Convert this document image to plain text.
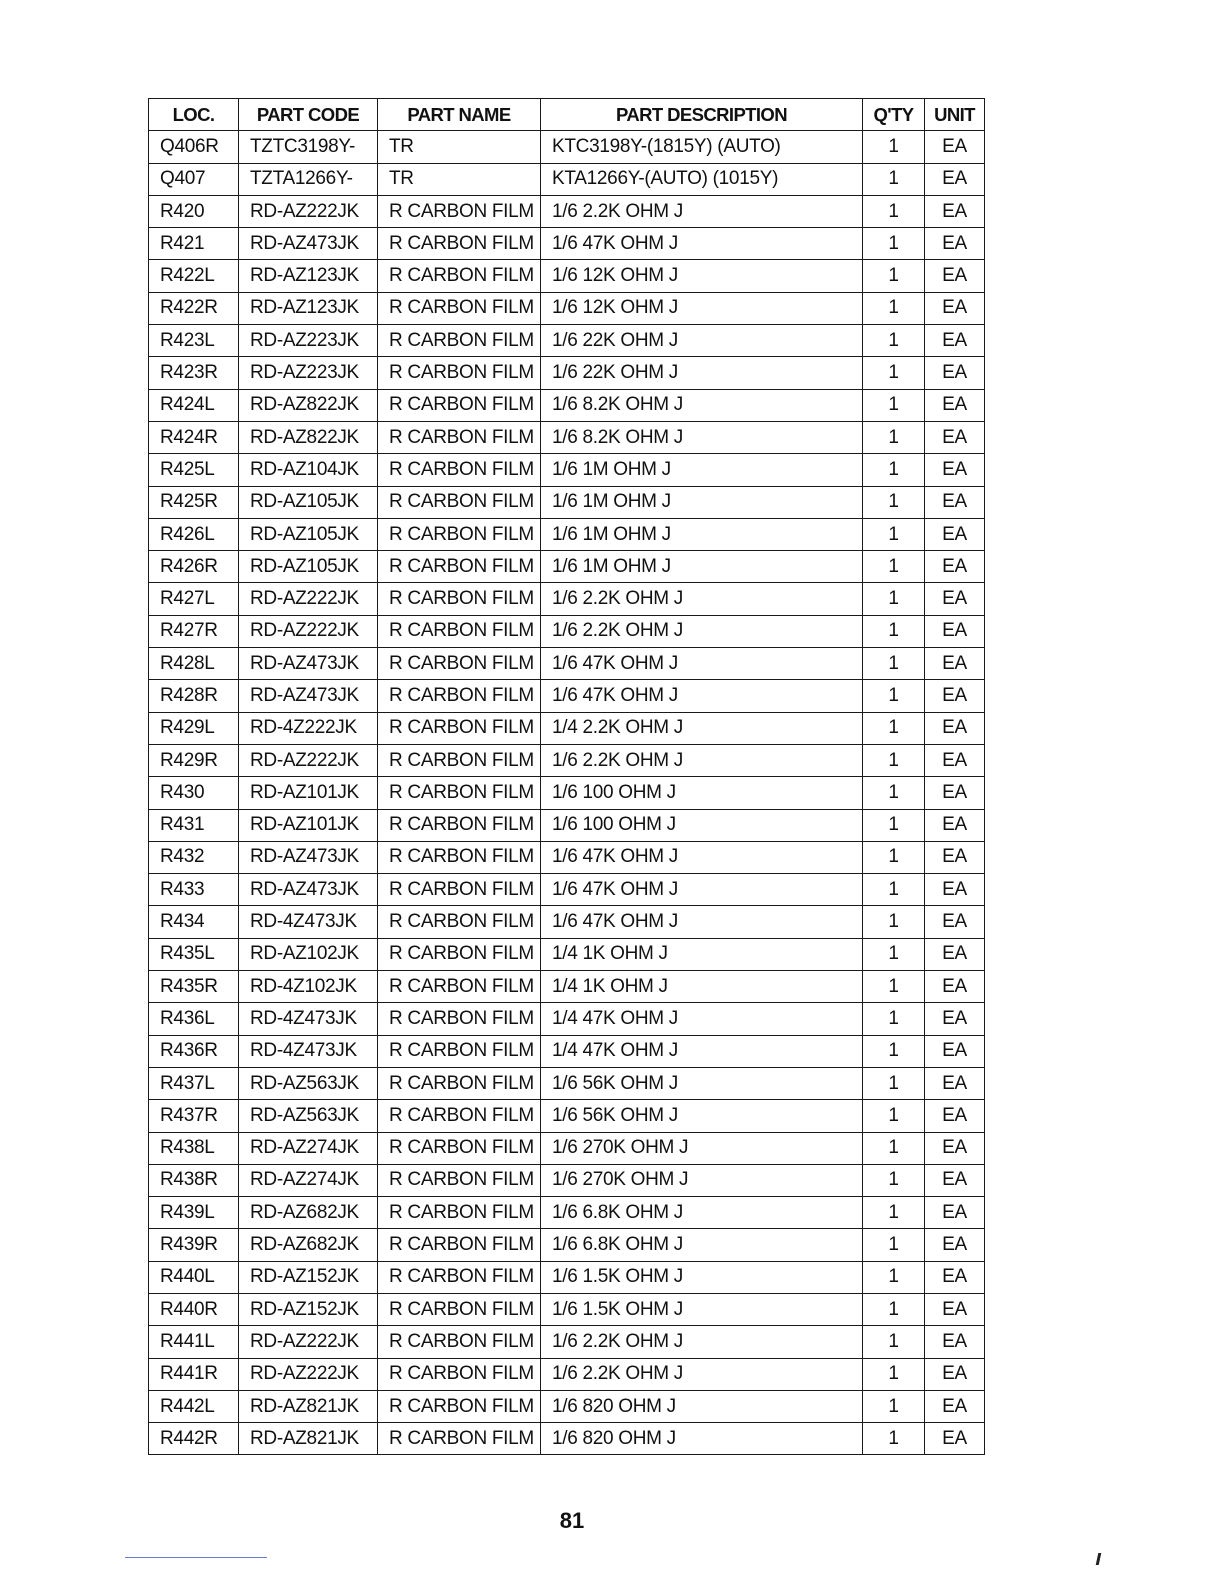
LOC.	PART CODE	PART NAME	PART DESCRIPTION	Q'TY	UNIT
Q406R	TZTC3198Y-	TR	KTC3198Y-(1815Y) (AUTO)	1	EA
Q407	TZTA1266Y-	TR	KTA1266Y-(AUTO) (1015Y)	1	EA
R420	RD-AZ222JK	R CARBON FILM	1/6 2.2K OHM J	1	EA
R421	RD-AZ473JK	R CARBON FILM	1/6 47K OHM J	1	EA
R422L	RD-AZ123JK	R CARBON FILM	1/6 12K OHM J	1	EA
R422R	RD-AZ123JK	R CARBON FILM	1/6 12K OHM J	1	EA
R423L	RD-AZ223JK	R CARBON FILM	1/6 22K OHM J	1	EA
R423R	RD-AZ223JK	R CARBON FILM	1/6 22K OHM J	1	EA
R424L	RD-AZ822JK	R CARBON FILM	1/6 8.2K OHM J	1	EA
R424R	RD-AZ822JK	R CARBON FILM	1/6 8.2K OHM J	1	EA
R425L	RD-AZ104JK	R CARBON FILM	1/6 1M OHM J	1	EA
R425R	RD-AZ105JK	R CARBON FILM	1/6 1M OHM J	1	EA
R426L	RD-AZ105JK	R CARBON FILM	1/6 1M OHM J	1	EA
R426R	RD-AZ105JK	R CARBON FILM	1/6 1M OHM J	1	EA
R427L	RD-AZ222JK	R CARBON FILM	1/6 2.2K OHM J	1	EA
R427R	RD-AZ222JK	R CARBON FILM	1/6 2.2K OHM J	1	EA
R428L	RD-AZ473JK	R CARBON FILM	1/6 47K OHM J	1	EA
R428R	RD-AZ473JK	R CARBON FILM	1/6 47K OHM J	1	EA
R429L	RD-4Z222JK	R CARBON FILM	1/4 2.2K OHM J	1	EA
R429R	RD-AZ222JK	R CARBON FILM	1/6 2.2K OHM J	1	EA
R430	RD-AZ101JK	R CARBON FILM	1/6 100 OHM J	1	EA
R431	RD-AZ101JK	R CARBON FILM	1/6 100 OHM J	1	EA
R432	RD-AZ473JK	R CARBON FILM	1/6 47K OHM J	1	EA
R433	RD-AZ473JK	R CARBON FILM	1/6 47K OHM J	1	EA
R434	RD-4Z473JK	R CARBON FILM	1/6 47K OHM J	1	EA
R435L	RD-AZ102JK	R CARBON FILM	1/4 1K OHM J	1	EA
R435R	RD-4Z102JK	R CARBON FILM	1/4 1K OHM J	1	EA
R436L	RD-4Z473JK	R CARBON FILM	1/4 47K OHM J	1	EA
R436R	RD-4Z473JK	R CARBON FILM	1/4 47K OHM J	1	EA
R437L	RD-AZ563JK	R CARBON FILM	1/6 56K OHM J	1	EA
R437R	RD-AZ563JK	R CARBON FILM	1/6 56K OHM J	1	EA
R438L	RD-AZ274JK	R CARBON FILM	1/6 270K OHM J	1	EA
R438R	RD-AZ274JK	R CARBON FILM	1/6 270K OHM J	1	EA
R439L	RD-AZ682JK	R CARBON FILM	1/6 6.8K OHM J	1	EA
R439R	RD-AZ682JK	R CARBON FILM	1/6 6.8K OHM J	1	EA
R440L	RD-AZ152JK	R CARBON FILM	1/6 1.5K OHM J	1	EA
R440R	RD-AZ152JK	R CARBON FILM	1/6 1.5K OHM J	1	EA
R441L	RD-AZ222JK	R CARBON FILM	1/6 2.2K OHM J	1	EA
R441R	RD-AZ222JK	R CARBON FILM	1/6 2.2K OHM J	1	EA
R442L	RD-AZ821JK	R CARBON FILM	1/6 820 OHM J	1	EA
R442R	RD-AZ821JK	R CARBON FILM	1/6 820 OHM J	1	EA
81
